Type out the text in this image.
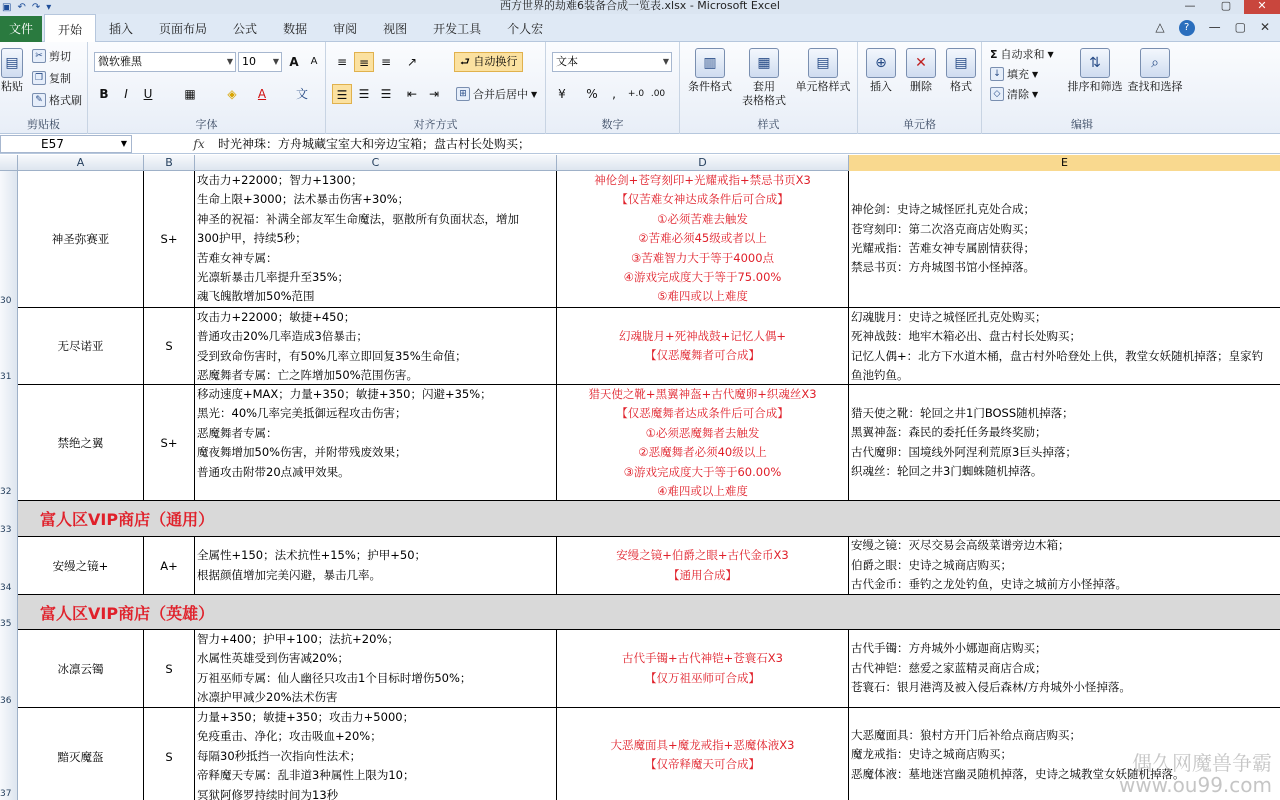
▣ ↶ ↷ ▾	西方世界的劫难6装备合成一览表.xlsx - Microsoft Excel	—	▢	✕
文件	开始	插入	页面布局	公式	数据	审阅	视图	开发工具	个人宏	△	?	— ▢ ✕
▤
粘贴
✂ 剪切
❐ 复制
✎ 格式刷
剪贴板
微软雅黑	▼ 10 ▼ A	A
B	I	U	▦	◈	A	文
字体
≡ ≡ ≡	↗	⮐ 自动换行
☰ ☰ ☰	⇤ ⇥	⊞ 合并后居中 ▼
对齐方式
文本	▼
¥	%	,	+.0 .00
数字
▥
条件格式
▦
套用
表格格式
▤
单元格样式
样式
⊕
插入
✕
删除
▤
格式
单元格
Σ 自动求和 ▼
↓ 填充 ▼
◇ 清除 ▼
⇅
排序和筛选
⌕
查找和选择
编辑
E57	▼	fx	时光神珠：方舟城藏宝室大和旁边宝箱；盘古村长处购买；
A	B	C	D	E
30
31
32
33
34
35
36
37
神圣弥赛亚	S+
攻击力+22000；智力+1300；
生命上限+3000；法术暴击伤害+30%；
神圣的祝福：补满全部友军生命魔法，驱散所有负面状态，增加
300护甲，持续5秒；
苦难女神专属：
光凛斩暴击几率提升至35%；
魂飞魄散增加50%范围
神伦剑+苍穹刻印+光耀戒指+禁忌书页X3
【仅苦难女神达成条件后可合成】
①必须苦难去触发
②苦难必须45级或者以上
③苦难智力大于等于4000点
④游戏完成度大于等于75.00%
⑤难四或以上难度
神伦剑：史诗之城怪匠扎克处合成；
苍穹刻印：第二次洛克商店处购买；
光耀戒指：苦难女神专属剧情获得；
禁忌书页：方舟城图书馆小怪掉落。
无尽诺亚	S
攻击力+22000；敏捷+450；
普通攻击20%几率造成3倍暴击；
受到致命伤害时，有50%几率立即回复35%生命值；
恶魔舞者专属：亡之阵增加50%范围伤害。
幻魂胧月+死神战鼓+记忆人偶+
【仅恶魔舞者可合成】
幻魂胧月：史诗之城怪匠扎克处购买；
死神战鼓：地牢木箱必出、盘古村长处购买；
记忆人偶+：北方下水道木桶，盘古村外哈登处上供，教堂女妖随机掉落；皇家钓
鱼池钓鱼。
禁绝之翼	S+
移动速度+MAX；力量+350；敏捷+350；闪避+35%；
黑光：40%几率完美抵御远程攻击伤害；
恶魔舞者专属：
魔夜舞增加50%伤害，并附带残废效果；
普通攻击附带20点减甲效果。
猎天使之靴+黑翼神盔+古代魔卵+织魂丝X3
【仅恶魔舞者达成条件后可合成】
①必须恶魔舞者去触发
②恶魔舞者必须40级以上
③游戏完成度大于等于60.00%
④难四或以上难度
猎天使之靴：轮回之井1门BOSS随机掉落；
黑翼神盔：森民的委托任务最终奖励；
古代魔卵：国境线外阿涅利荒原3巨头掉落；
织魂丝：轮回之井3门蜘蛛随机掉落。
富人区VIP商店（通用）
安缦之镜+	A+
全属性+150；法术抗性+15%；护甲+50；
根据颜值增加完美闪避，暴击几率。
安缦之镜+伯爵之眼+古代金币X3
【通用合成】
安缦之镜：灭尽交易会高级菜谱旁边木箱；
伯爵之眼：史诗之城商店购买；
古代金币：垂钓之龙处钓鱼，史诗之城前方小怪掉落。
富人区VIP商店（英雄）
冰凛云镯	S
智力+400；护甲+100；法抗+20%；
水属性英雄受到伤害减20%；
万祖巫师专属：仙人幽径只攻击1个目标时增伤50%；
冰凛护甲减少20%法术伤害
古代手镯+古代神铠+苍寰石X3
【仅万祖巫师可合成】
古代手镯：方舟城外小娜迦商店购买；
古代神铠：慈爱之家蓝精灵商店合成；
苍寰石：银月港湾及被入侵后森林/方舟城外小怪掉落。
黯灭魔盔	S
力量+350；敏捷+350；攻击力+5000；
免疫重击、净化；攻击吸血+20%；
每隔30秒抵挡一次指向性法术；
帝释魔天专属：乱非道3种属性上限为10；
冥狱阿修罗持续时间为13秒
大恶魔面具+魔龙戒指+恶魔体液X3
【仅帝释魔天可合成】
大恶魔面具：狼村方开门后补给点商店购买；
魔龙戒指：史诗之城商店购买；
恶魔体液：墓地迷宫幽灵随机掉落，史诗之城教堂女妖随机掉落。
偶久网魔兽争霸
www.ou99.com
